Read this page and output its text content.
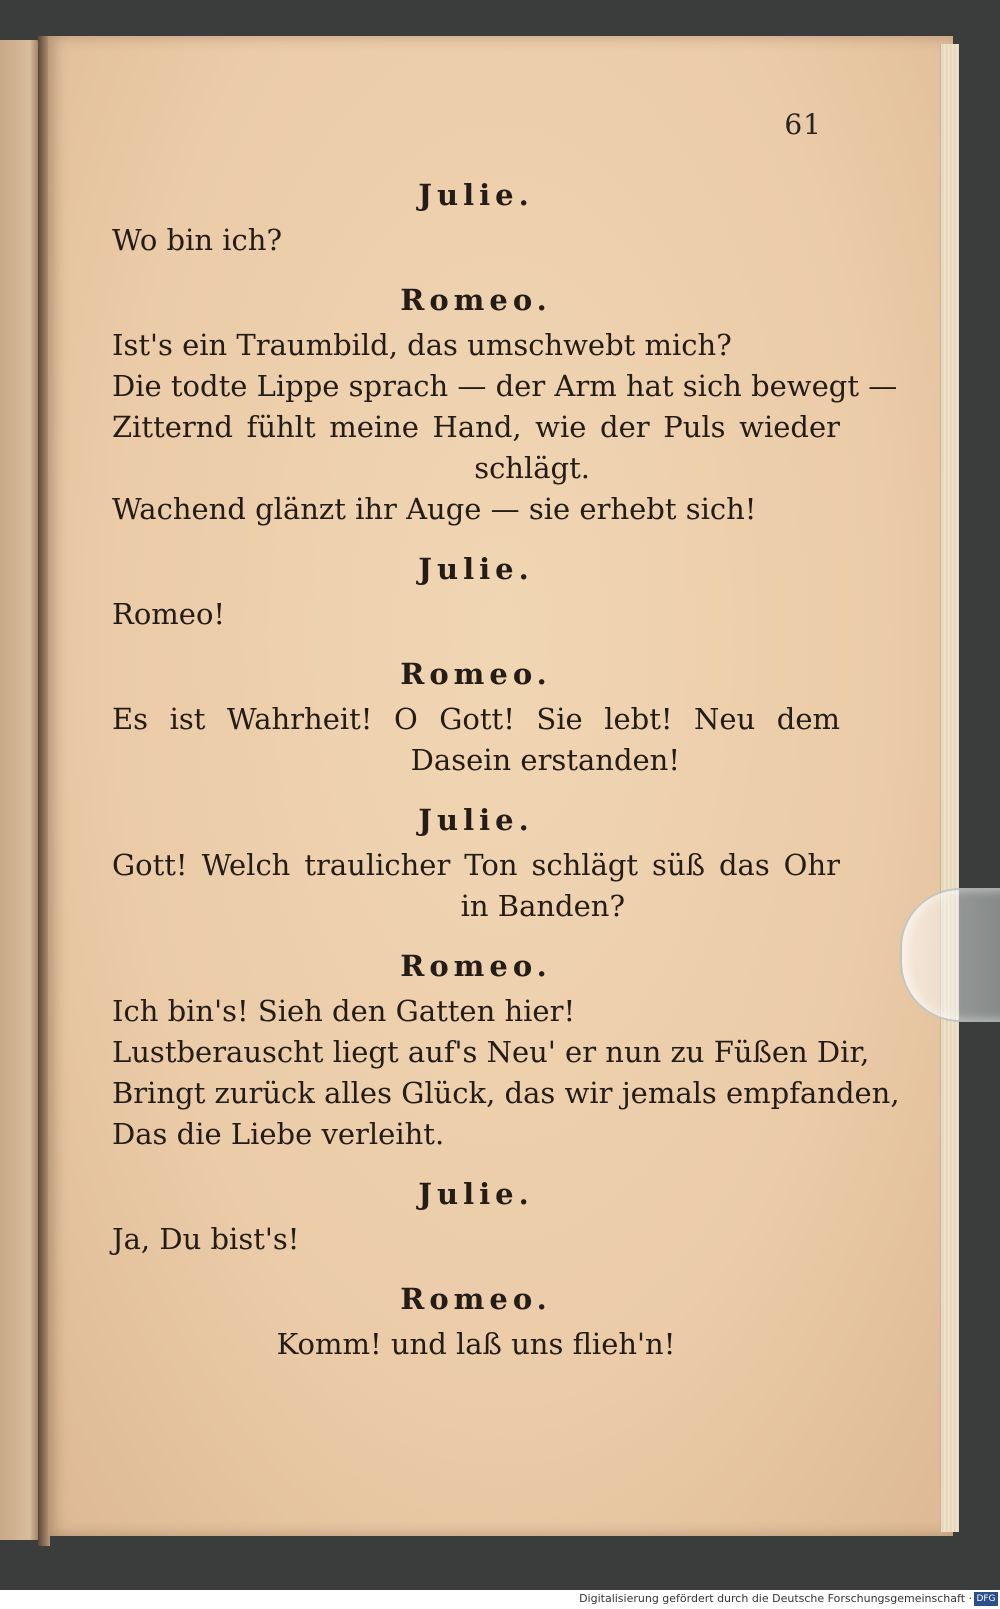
61
Julie.
Wo bin ich?
Romeo.
Ist's ein Traumbild, das umschwebt mich?
Die todte Lippe sprach — der Arm hat sich bewegt —
Zitternd fühlt meine Hand, wie der Puls wieder
schlägt.
Wachend glänzt ihr Auge — sie erhebt sich!
Julie.
Romeo!
Romeo.
Es ist Wahrheit! O Gott! Sie lebt! Neu dem
Dasein erstanden!
Julie.
Gott! Welch traulicher Ton schlägt süß das Ohr
in Banden?
Romeo.
Ich bin's! Sieh den Gatten hier!
Lustberauscht liegt auf's Neu' er nun zu Füßen Dir,
Bringt zurück alles Glück, das wir jemals empfanden,
Das die Liebe verleiht.
Julie.
Ja, Du bist's!
Romeo.
Komm! und laß uns flieh'n!
Digitalisierung gefördert durch die Deutsche Forschungsgemeinschaft · DFG
